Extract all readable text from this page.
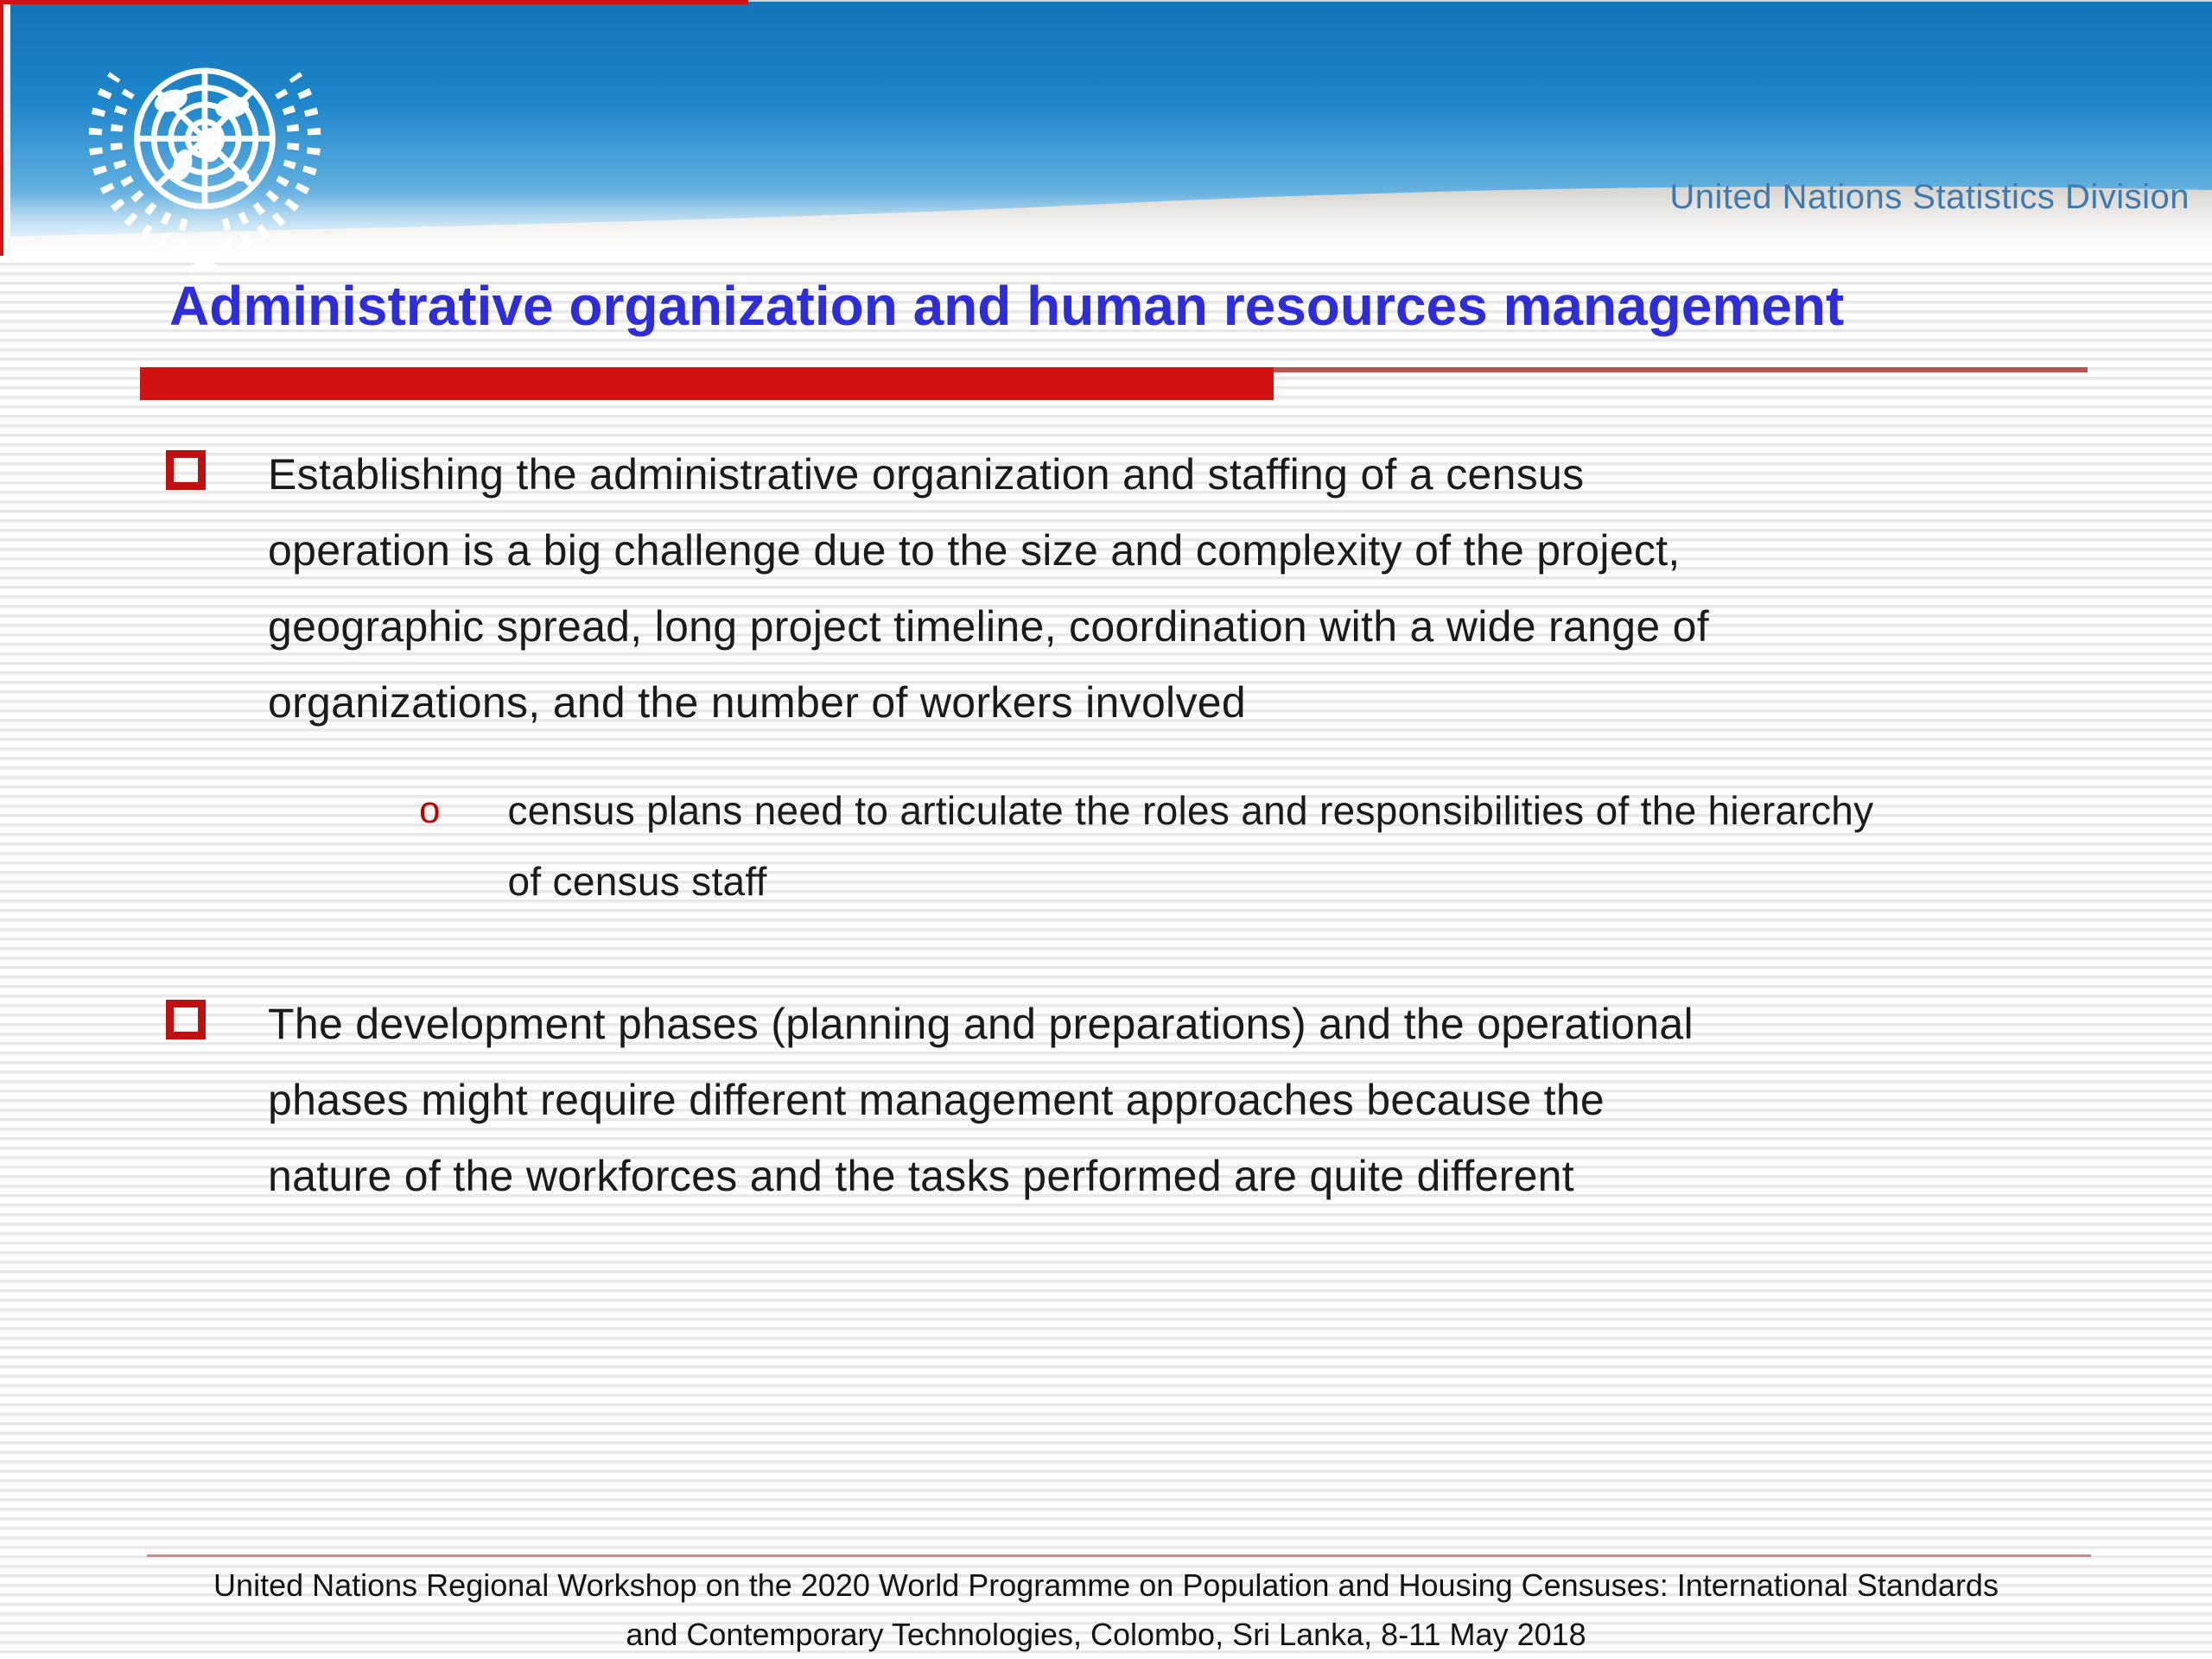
United Nations Statistics Division
Administrative organization and human resources management
Establishing the administrative organization and staffing of a census
operation is a big challenge due to the size and complexity of the project,
geographic spread, long project timeline, coordination with a wide range of
organizations, and the number of workers involved
o census plans need to articulate the roles and responsibilities of the hierarchy
of census staff
The development phases (planning and preparations) and the operational
phases might require different management approaches because the
nature of the workforces and the tasks performed are quite different
United Nations Regional Workshop on the 2020 World Programme on Population and Housing Censuses: International Standards
and Contemporary Technologies, Colombo, Sri Lanka, 8-11 May 2018
